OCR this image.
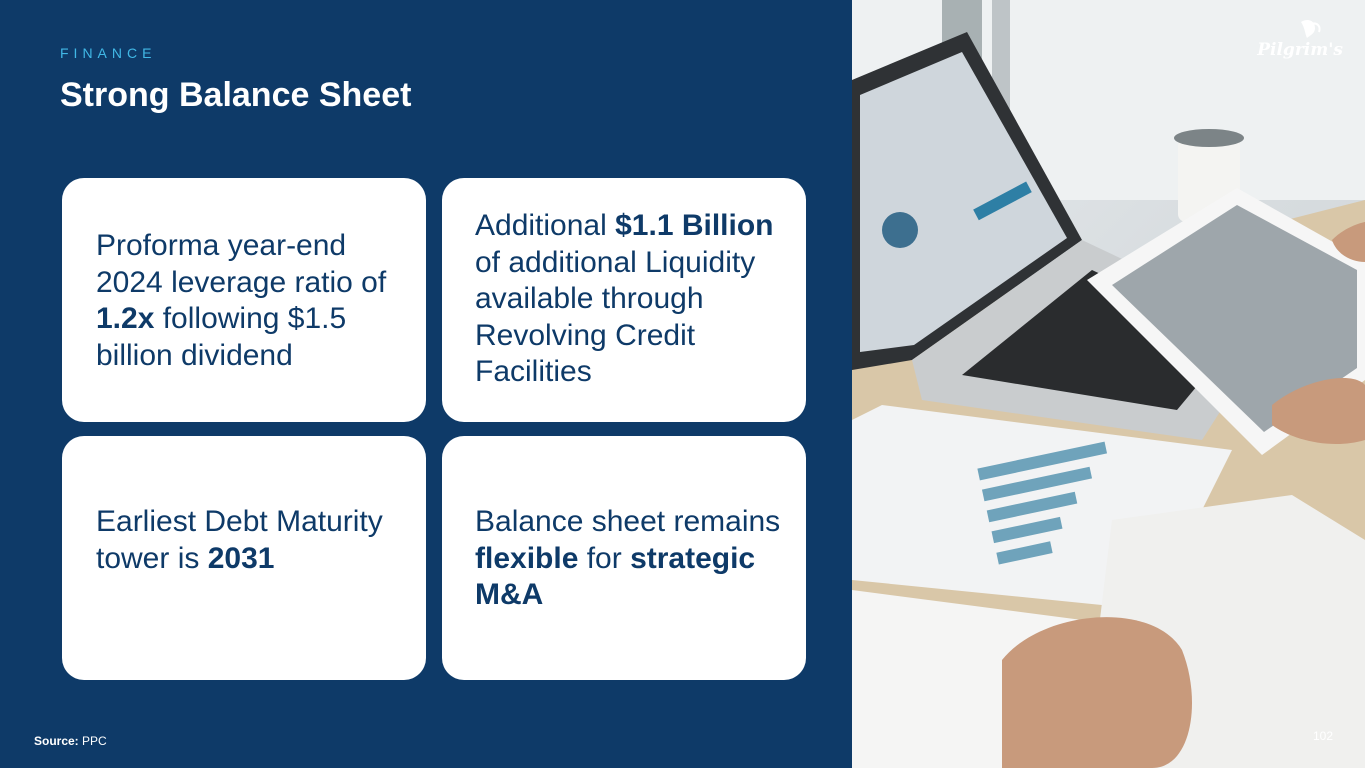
FINANCE
Strong Balance Sheet

Proforma year-end 2024 leverage ratio of 1.2x following $1.5 billion dividend

Additional $1.1 Billion of additional Liquidity available through Revolving Credit Facilities

Earliest Debt Maturity tower is 2031

Balance sheet remains flexible for strategic M&A

Source: PPC
Pilgrim's
102
